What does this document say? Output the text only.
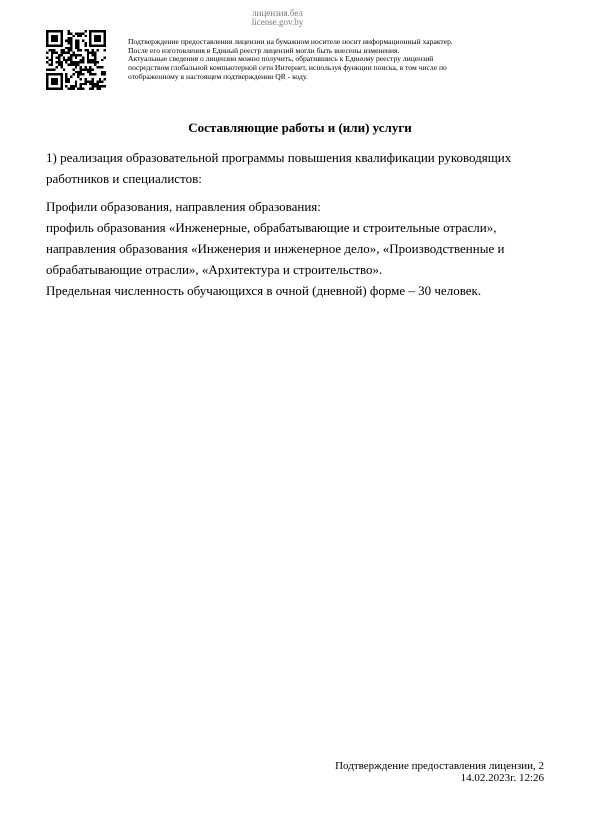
лицензия.бел
license.gov.by
Подтверждение предоставления лицензии на бумажном носителе носит информационный характер.
После его изготовления в Единый реестр лицензий могли быть внесены изменения.
Актуальные сведения о лицензии можно получить, обратившись к Единому реестру лицензий
посредством глобальной компьютерной сети Интернет, используя функции поиска, в том числе по
отображенному в настоящем подтверждении QR - коду.
Составляющие работы и (или) услуги
1) реализация образовательной программы повышения квалификации руководящих
работников и специалистов:
Профили образования, направления образования:
профиль образования «Инженерные, обрабатывающие и строительные отрасли»,
направления образования «Инженерия и инженерное дело», «Производственные и
обрабатывающие отрасли», «Архитектура и строительство».
Предельная численность обучающихся в очной (дневной) форме – 30 человек.
Подтверждение предоставления лицензии, 2
14.02.2023г. 12:26
